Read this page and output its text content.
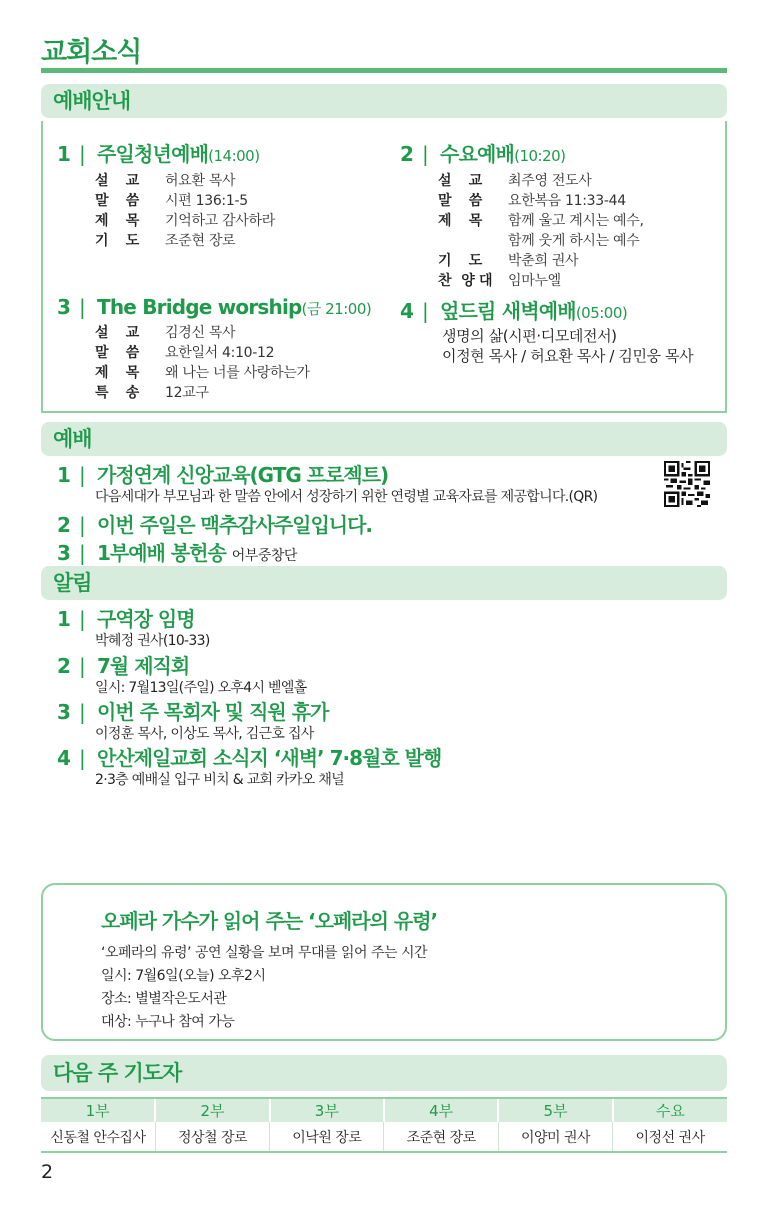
교회소식
예배안내
1 | 주일청년예배(14:00)
설 교 허요환 목사
말 씀 시편 136:1-5
제 목 기억하고 감사하라
기 도 조준현 장로
2 | 수요예배(10:20)
설 교 최주영 전도사
말 씀 요한복음 11:33-44
제 목 함께 울고 계시는 예수,
함께 웃게 하시는 예수
기 도 박춘희 권사
찬 양 대 임마누엘
3 | The Bridge worship(금 21:00)
설 교 김경신 목사
말 씀 요한일서 4:10-12
제 목 왜 나는 너를 사랑하는가
특 송 12교구
4 | 엎드림 새벽예배(05:00)
생명의 삶(시편·디모데전서)
이정현 목사 / 허요환 목사 / 김민웅 목사
예배
1 | 가정연계 신앙교육(GTG 프로젝트)
다음세대가 부모님과 한 말씀 안에서 성장하기 위한 연령별 교육자료를 제공합니다.(QR)
2 | 이번 주일은 맥추감사주일입니다.
3 | 1부예배 봉헌송 어부중창단
알림
1 | 구역장 임명
박혜정 권사(10-33)
2 | 7월 제직회
일시: 7월13일(주일) 오후4시 벧엘홀
3 | 이번 주 목회자 및 직원 휴가
이정훈 목사, 이상도 목사, 김근호 집사
4 | 안산제일교회 소식지 ‘새벽’ 7·8월호 발행
2·3층 예배실 입구 비치 & 교회 카카오 채널
오페라 가수가 읽어 주는 ‘오페라의 유령’
‘오페라의 유령’ 공연 실황을 보며 무대를 읽어 주는 시간
일시: 7월6일(오늘) 오후2시
장소: 별별작은도서관
대상: 누구나 참여 가능
다음 주 기도자
1부	2부	3부	4부	5부	수요
신동철 안수집사	정상철 장로	이낙원 장로	조준현 장로	이양미 권사	이정선 권사
2
